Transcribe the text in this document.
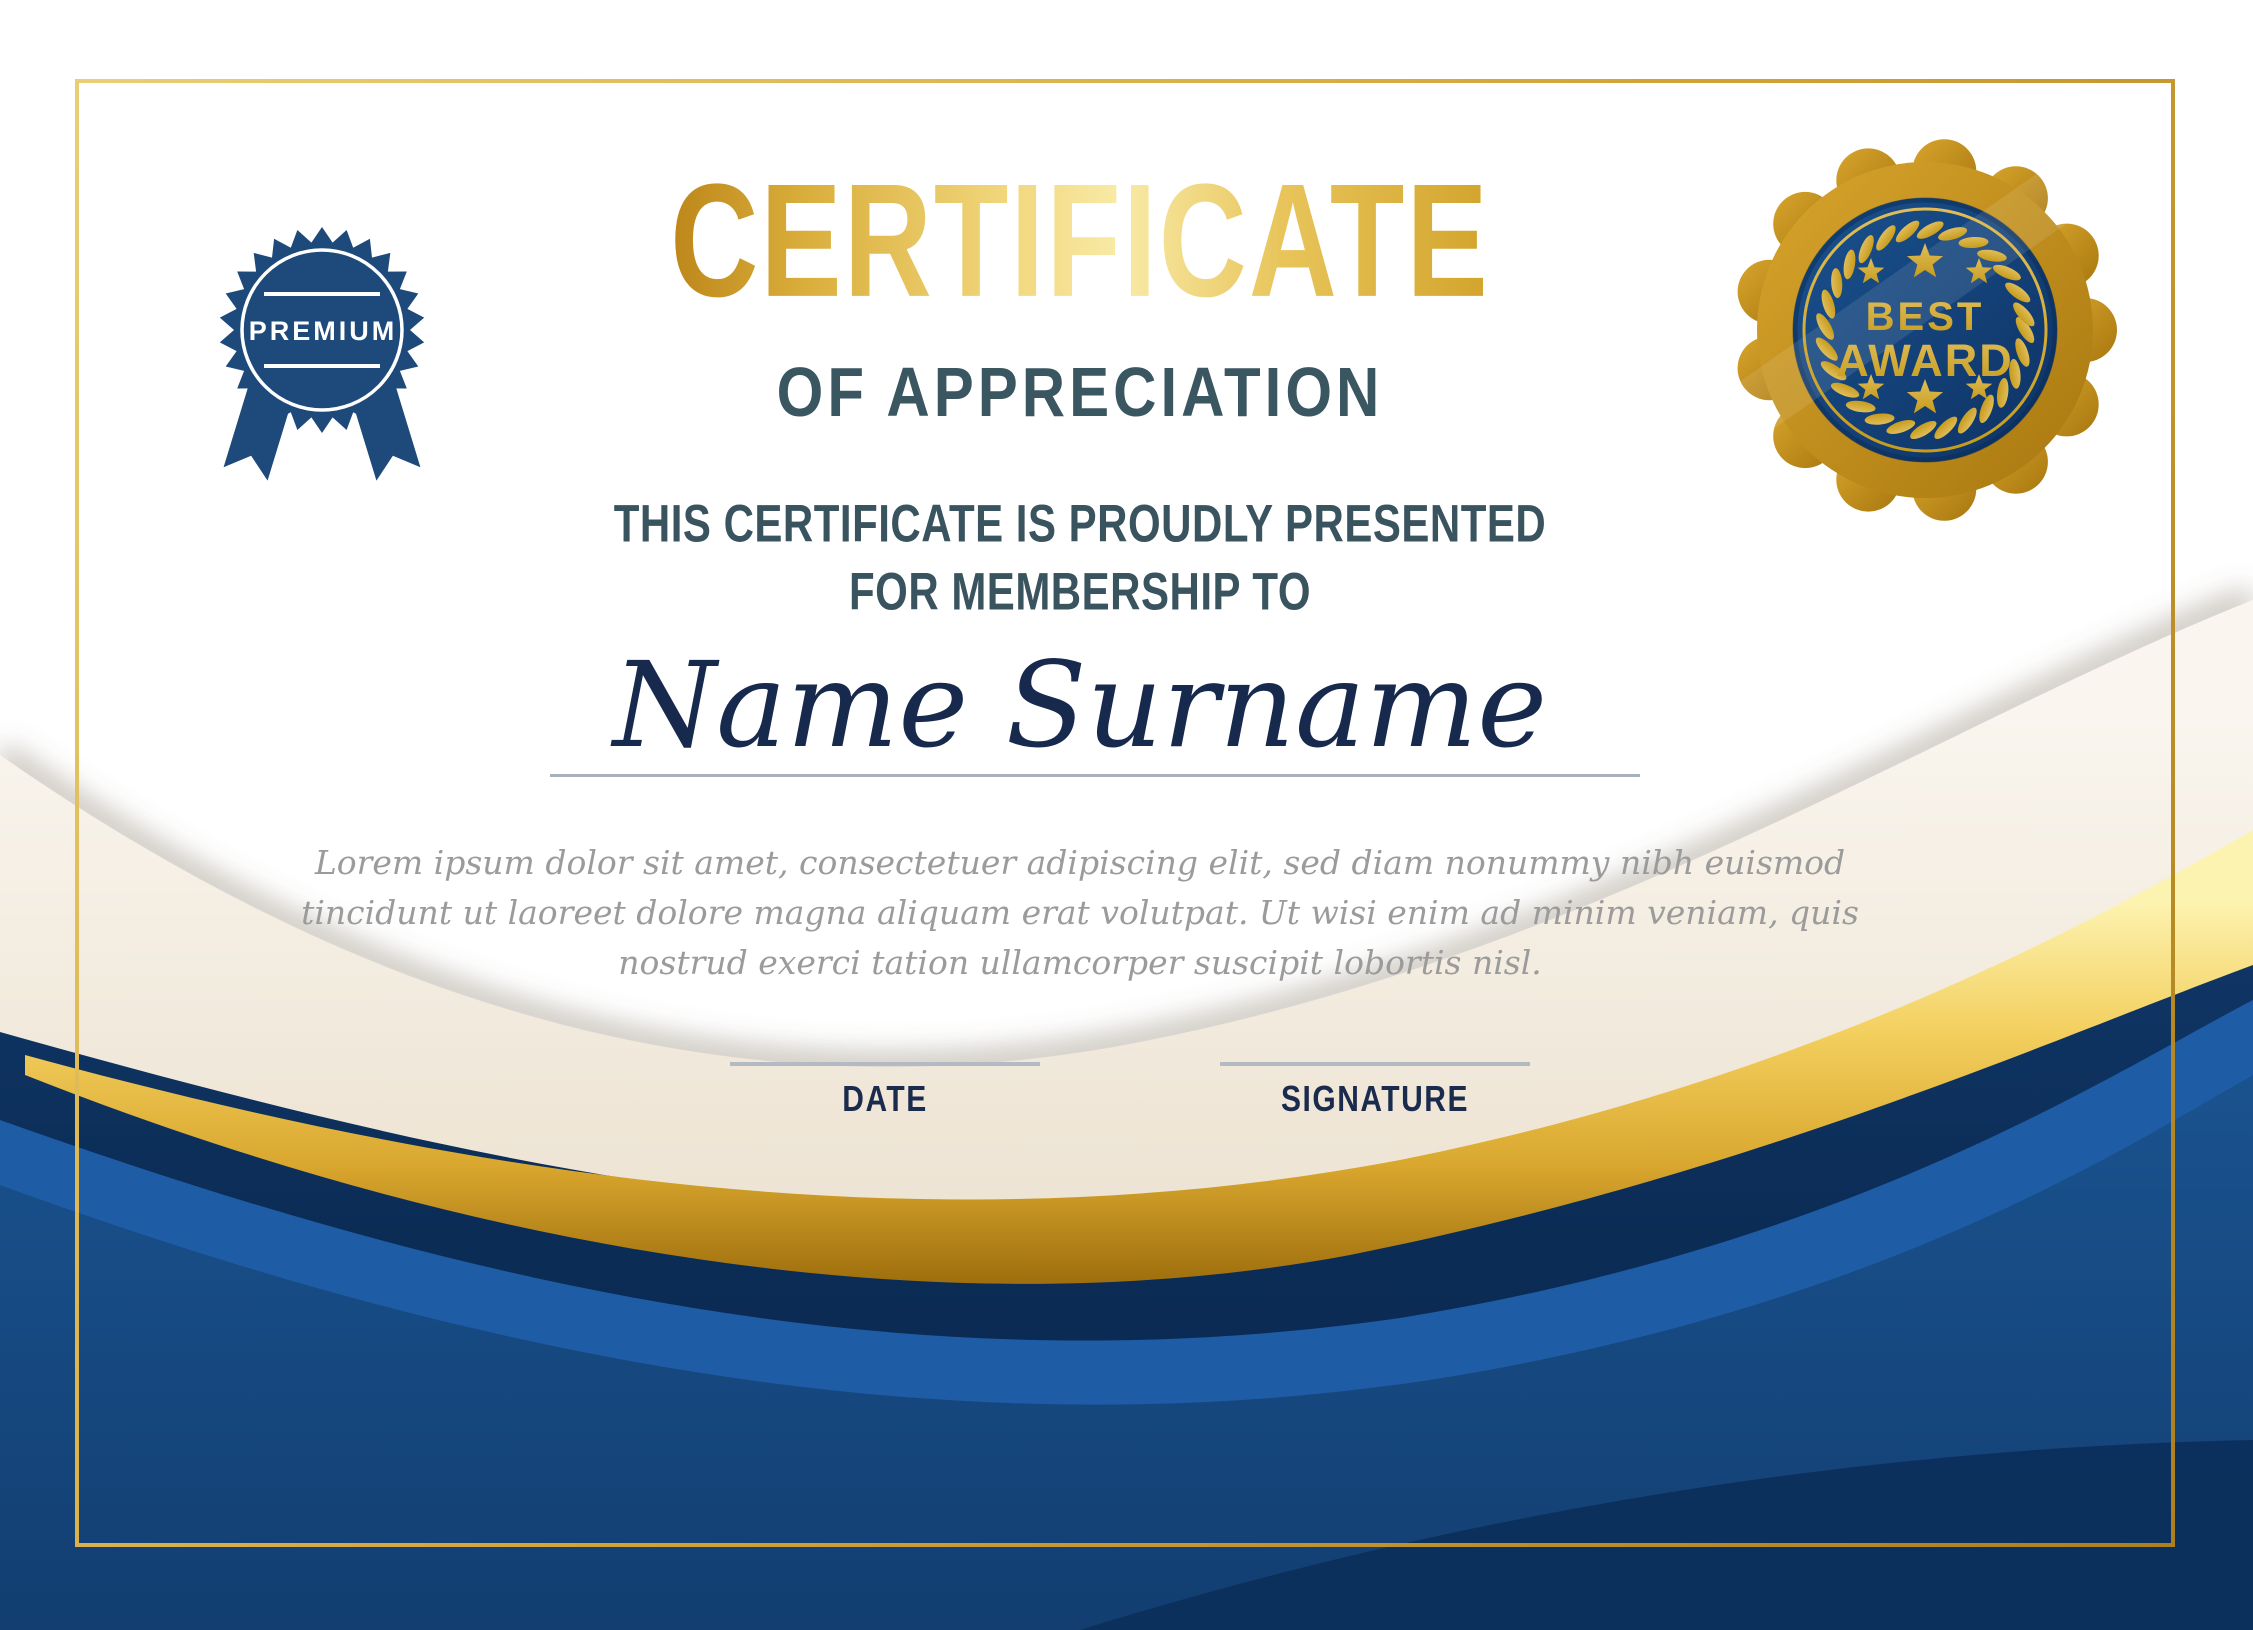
PREMIUM	BEST
AWARD
CERTIFICATE
OF APPRECIATION
THIS CERTIFICATE IS PROUDLY PRESENTED
FOR MEMBERSHIP TO
Name Surname
Lorem ipsum dolor sit amet, consectetuer adipiscing elit, sed diam nonummy nibh euismod
tincidunt ut laoreet dolore magna aliquam erat volutpat. Ut wisi enim ad minim veniam, quis
nostrud exerci tation ullamcorper suscipit lobortis nisl.
DATE	SIGNATURE
